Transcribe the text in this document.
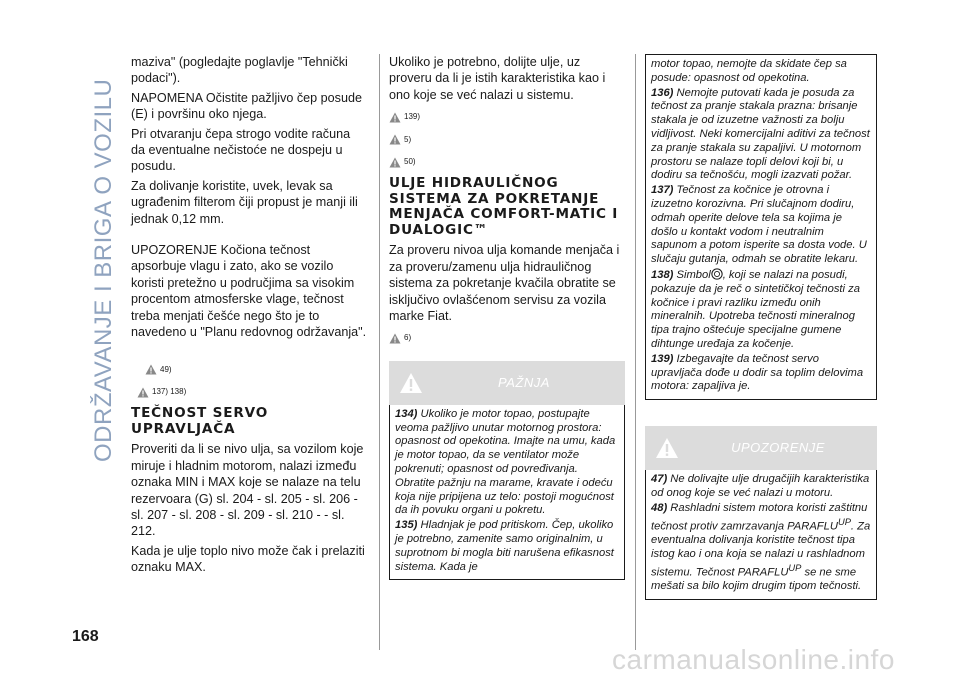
ODRŽAVANJE I BRIGA O VOZILU

maziva" (pogledajte poglavlje "Tehnički podaci").

NAPOMENA Očistite pažljivo čep posude (E) i površinu oko njega.

Pri otvaranju čepa strogo vodite računa da eventualne nečistoće ne dospeju u posudu.

Za dolivanje koristite, uvek, levak sa ugrađenim filterom čiji propust je manji ili jednak 0,12 mm.

UPOZORENJE Kočiona tečnost apsorbuje vlagu i zato, ako se vozilo koristi pretežno u područjima sa visokim procentom atmosferske vlage, tečnost treba menjati češće nego što je to navedeno u "Planu redovnog održavanja".

49)
137) 138)
TEČNOST SERVO UPRAVLJAČA

Proveriti da li se nivo ulja, sa vozilom koje miruje i hladnim motorom, nalazi između oznaka MIN i MAX koje se nalaze na telu rezervoara (G) sl. 204 - sl. 205 - sl. 206 - sl. 207 - sl. 208 - sl. 209 - sl. 210 - - sl. 212.

Kada je ulje toplo nivo može čak i prelaziti oznaku MAX.

Ukoliko je potrebno, dolijte ulje, uz proveru da li je istih karakteristika kao i ono koje se već nalazi u sistemu.

139)
5)
50)
ULJE HIDRAULIČNOG SISTEMA ZA POKRETANJE MENJAČA COMFORT-MATIC I DUALOGIC™

Za proveru nivoa ulja komande menjača i za proveru/zamenu ulja hidrauličnog sistema za pokretanje kvačila obratite se isključivo ovlašćenom servisu za vozila marke Fiat.

6)
PAŽNJA

134) Ukoliko je motor topao, postupajte veoma pažljivo unutar motornog prostora: opasnost od opekotina. Imajte na umu, kada je motor topao, da se ventilator može pokrenuti; opasnost od povređivanja. Obratite pažnju na marame, kravate i odeću koja nije pripijena uz telo: postoji mogućnost da ih povuku organi u pokretu.

135) Hladnjak je pod pritiskom. Čep, ukoliko je potrebno, zamenite samo originalnim, u suprotnom bi mogla biti narušena efikasnost sistema. Kada je

motor topao, nemojte da skidate čep sa posude: opasnost od opekotina.

136) Nemojte putovati kada je posuda za tečnost za pranje stakala prazna: brisanje stakala je od izuzetne važnosti za bolju vidljivost. Neki komercijalni aditivi za tečnost za pranje stakala su zapaljivi. U motornom prostoru se nalaze topli delovi koji bi, u dodiru sa tečnošću, mogli izazvati požar.

137) Tečnost za kočnice je otrovna i izuzetno korozivna. Pri slučajnom dodiru, odmah operite delove tela sa kojima je došlo u kontakt vodom i neutralnim sapunom a potom isperite sa dosta vode. U slučaju gutanja, odmah se obratite lekaru.

138) Simbol , koji se nalazi na posudi, pokazuje da je reč o sintetičkoj tečnosti za kočnice i pravi razliku između onih mineralnih. Upotreba tečnosti mineralnog tipa trajno oštećuje specijalne gumene dihtunge uređaja za kočenje.

139) Izbegavajte da tečnost servo upravljača dođe u dodir sa toplim delovima motora: zapaljiva je.

UPOZORENJE

47) Ne dolivajte ulje drugačijih karakteristika od onog koje se već nalazi u motoru.

48) Rashladni sistem motora koristi zaštitnu tečnost protiv zamrzavanja $PARAFLU^{UP}$. Za eventualna dolivanja koristite tečnost tipa istog kao i ona koja se nalazi u rashladnom sistemu. Tečnost $PARAFLU^{UP}$ se ne sme mešati sa bilo kojim drugim tipom tečnosti.

168
carmanualsonline.info
